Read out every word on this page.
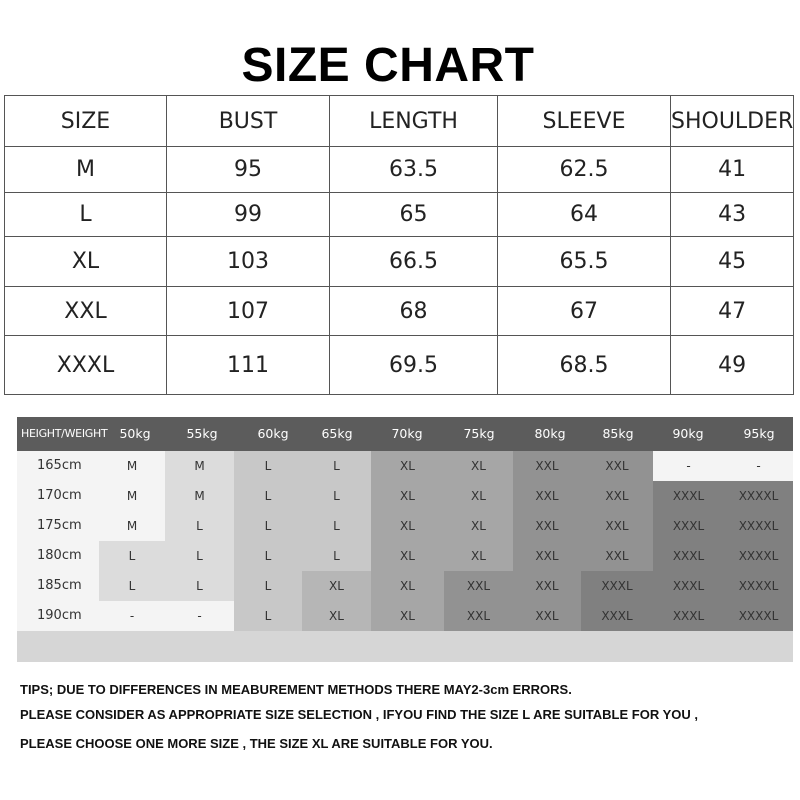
SIZE CHART
SIZE	BUST	LENGTH	SLEEVE	SHOULDER
M	95	63.5	62.5	41
L	99	65	64	43
XL	103	66.5	65.5	45
XXL	107	68	67	47
XXXL	111	69.5	68.5	49
HEIGHT/WEIGHT 50kg	55kg	60kg	65kg	70kg	75kg	80kg	85kg	90kg	95kg
165cm	M	M	L	L	XL	XL	XXL	XXL	-	-
170cm	M	M	L	L	XL	XL	XXL	XXL	XXXL	XXXXL
175cm	M	L	L	L	XL	XL	XXL	XXL	XXXL	XXXXL
180cm	L	L	L	L	XL	XL	XXL	XXL	XXXL	XXXXL
185cm	L	L	L	XL	XL	XXL	XXL	XXXL	XXXL	XXXXL
190cm	-	-	L	XL	XL	XXL	XXL	XXXL	XXXL	XXXXL
TIPS; DUE TO DIFFERENCES IN MEABUREMENT METHODS THERE MAY2-3cm ERRORS.
PLEASE CONSIDER AS APPROPRIATE SIZE SELECTION , IFYOU FIND THE SIZE L ARE SUITABLE FOR YOU ,
PLEASE CHOOSE ONE MORE SIZE , THE SIZE XL ARE SUITABLE FOR YOU.
